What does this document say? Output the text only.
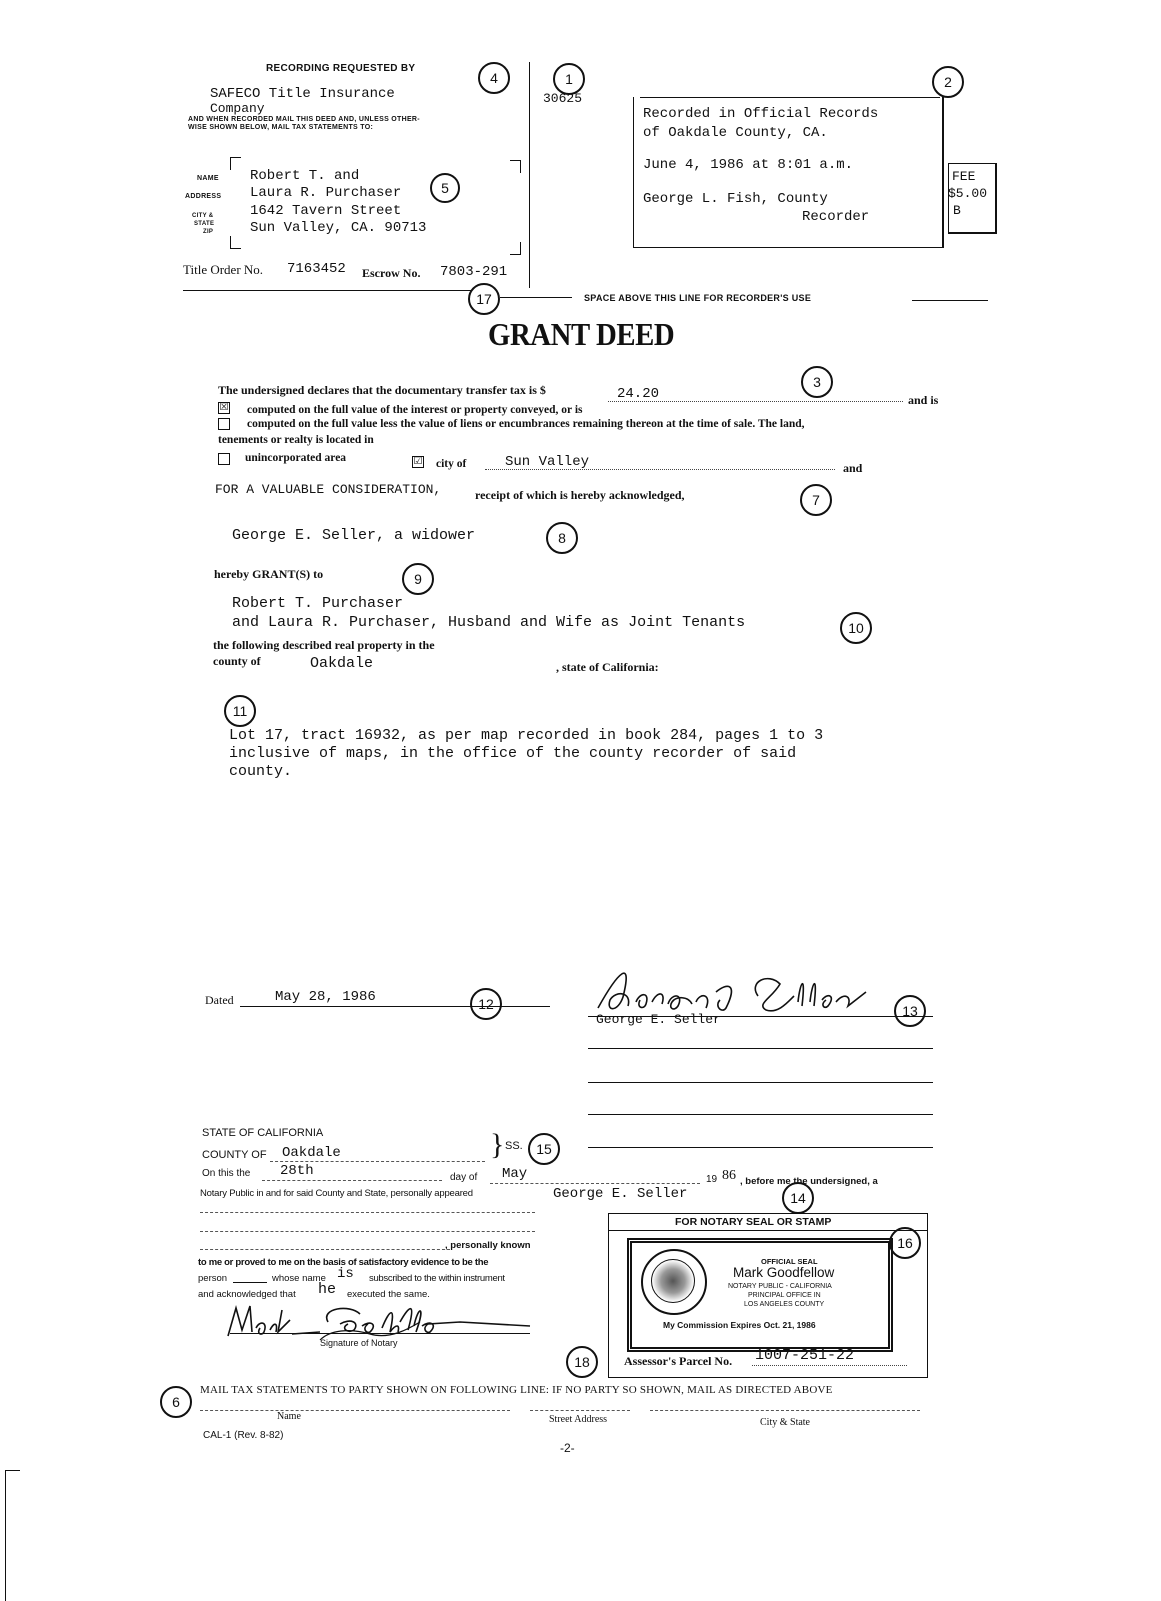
RECORDING REQUESTED BY
SAFECO Title Insurance
Company
AND WHEN RECORDED MAIL THIS DEED AND, UNLESS OTHER-
WISE SHOWN BELOW, MAIL TAX STATEMENTS TO:
NAME
ADDRESS
CITY &
STATE
ZIP
Robert T. and
Laura R. Purchaser
1642 Tavern Street
Sun Valley, CA. 90713
Title Order No. 7163452 Escrow No. 7803-291
30625
Recorded in Official Records
of Oakdale County, CA.
June 4, 1986 at 8:01 a.m.
George L. Fish, County
Recorder
FEE
$5.00
B
SPACE ABOVE THIS LINE FOR RECORDER'S USE
GRANT DEED
The undersigned declares that the documentary transfer tax is $	24.20	and is
☒ computed on the full value of the interest or property conveyed, or is
computed on the full value less the value of liens or encumbrances remaining thereon at the time of sale. The land,
tenements or realty is located in
unincorporated area	☑ city of	Sun Valley	and
FOR A VALUABLE CONSIDERATION,	receipt of which is hereby acknowledged,
George E. Seller, a widower
hereby GRANT(S) to
Robert T. Purchaser
and Laura R. Purchaser, Husband and Wife as Joint Tenants
the following described real property in the
county of	Oakdale	, state of California:
Lot 17, tract 16932, as per map recorded in book 284, pages 1 to 3
inclusive of maps, in the office of the county recorder of said
county.
Dated	May 28, 1986
George E. Seller
STATE OF CALIFORNIA
COUNTY OF Oakdale	} SS.
On this the 28th	day of May	19 86 , before me the undersigned, a
Notary Public in and for said County and State, personally appeared	George E. Seller
, personally known
to me or proved to me on the basis of satisfactory evidence to be the
person	whose name is subscribed to the within instrument
and acknowledged that he executed the same.
Signature of Notary
FOR NOTARY SEAL OR STAMP
OFFICIAL SEAL
Mark Goodfellow
NOTARY PUBLIC - CALIFORNIA
PRINCIPAL OFFICE IN
LOS ANGELES COUNTY
My Commission Expires Oct. 21, 1986
Assessor's Parcel No. 1007-251-22
MAIL TAX STATEMENTS TO PARTY SHOWN ON FOLLOWING LINE: IF NO PARTY SO SHOWN, MAIL AS DIRECTED ABOVE
Name	Street Address	City & State
CAL-1 (Rev. 8-82)
-2-
1	2
3
4
5
6
7
8
9
10
11
12	13
14
15
16
17
18
